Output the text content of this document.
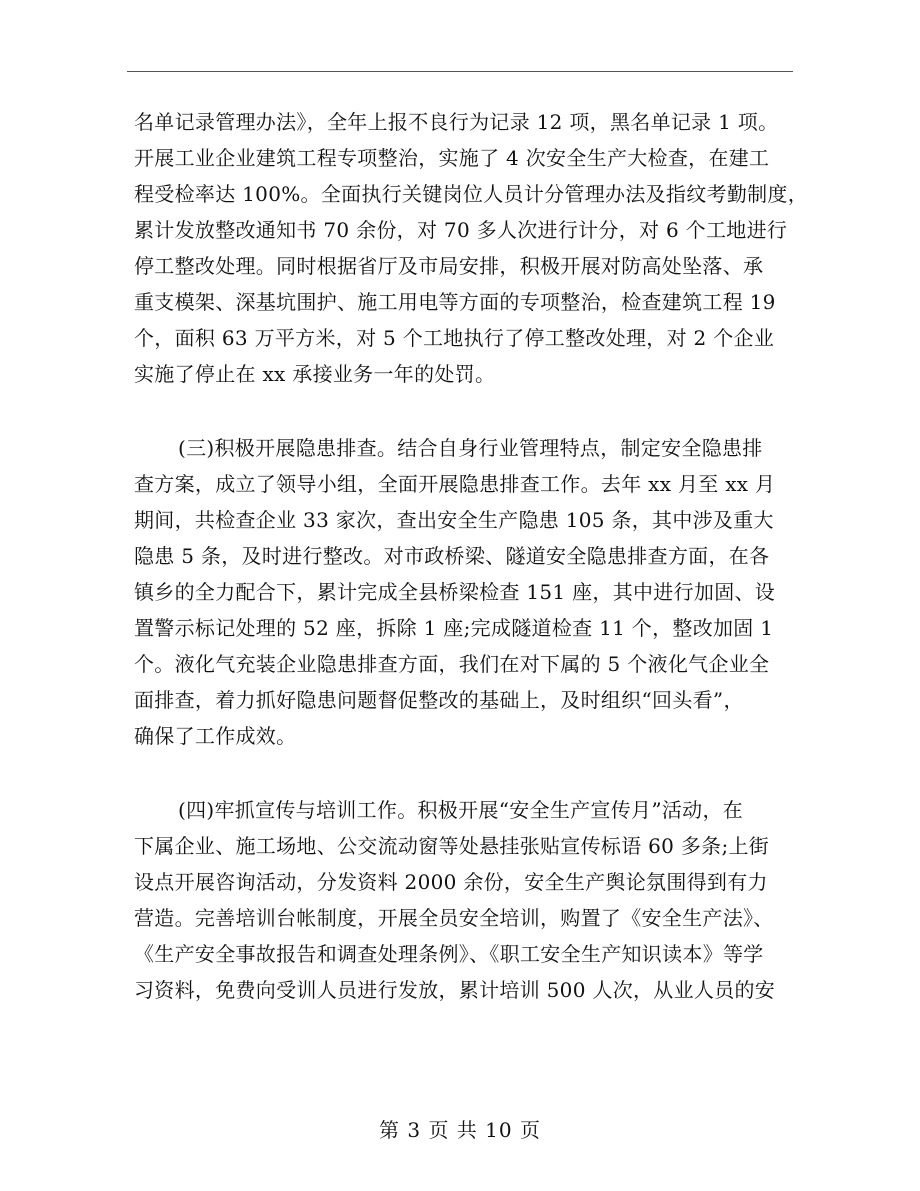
名单记录管理办法》，全年上报不良行为记录 12 项，黑名单记录 1 项。
开展工业企业建筑工程专项整治，实施了 4 次安全生产大检查，在建工
程受检率达 100%。全面执行关键岗位人员计分管理办法及指纹考勤制度，
累计发放整改通知书 70 余份，对 70 多人次进行计分，对 6 个工地进行
停工整改处理。同时根据省厅及市局安排，积极开展对防高处坠落、承
重支模架、深基坑围护、施工用电等方面的专项整治，检查建筑工程 19
个，面积 63 万平方米，对 5 个工地执行了停工整改处理，对 2 个企业
实施了停止在 xx 承接业务一年的处罚。
(三)积极开展隐患排查。结合自身行业管理特点，制定安全隐患排
查方案，成立了领导小组，全面开展隐患排查工作。去年 xx 月至 xx 月
期间，共检查企业 33 家次，查出安全生产隐患 105 条，其中涉及重大
隐患 5 条，及时进行整改。对市政桥梁、隧道安全隐患排查方面，在各
镇乡的全力配合下，累计完成全县桥梁检查 151 座，其中进行加固、设
置警示标记处理的 52 座，拆除 1 座;完成隧道检查 11 个，整改加固 1
个。液化气充装企业隐患排查方面，我们在对下属的 5 个液化气企业全
面排查，着力抓好隐患问题督促整改的基础上，及时组织“回头看”，
确保了工作成效。
(四)牢抓宣传与培训工作。积极开展“安全生产宣传月”活动，在
下属企业、施工场地、公交流动窗等处悬挂张贴宣传标语 60 多条;上街
设点开展咨询活动，分发资料 2000 余份，安全生产舆论氛围得到有力
营造。完善培训台帐制度，开展全员安全培训，购置了《安全生产法》、
《生产安全事故报告和调查处理条例》、《职工安全生产知识读本》等学
习资料，免费向受训人员进行发放，累计培训 500 人次，从业人员的安
第 3 页 共 10 页
